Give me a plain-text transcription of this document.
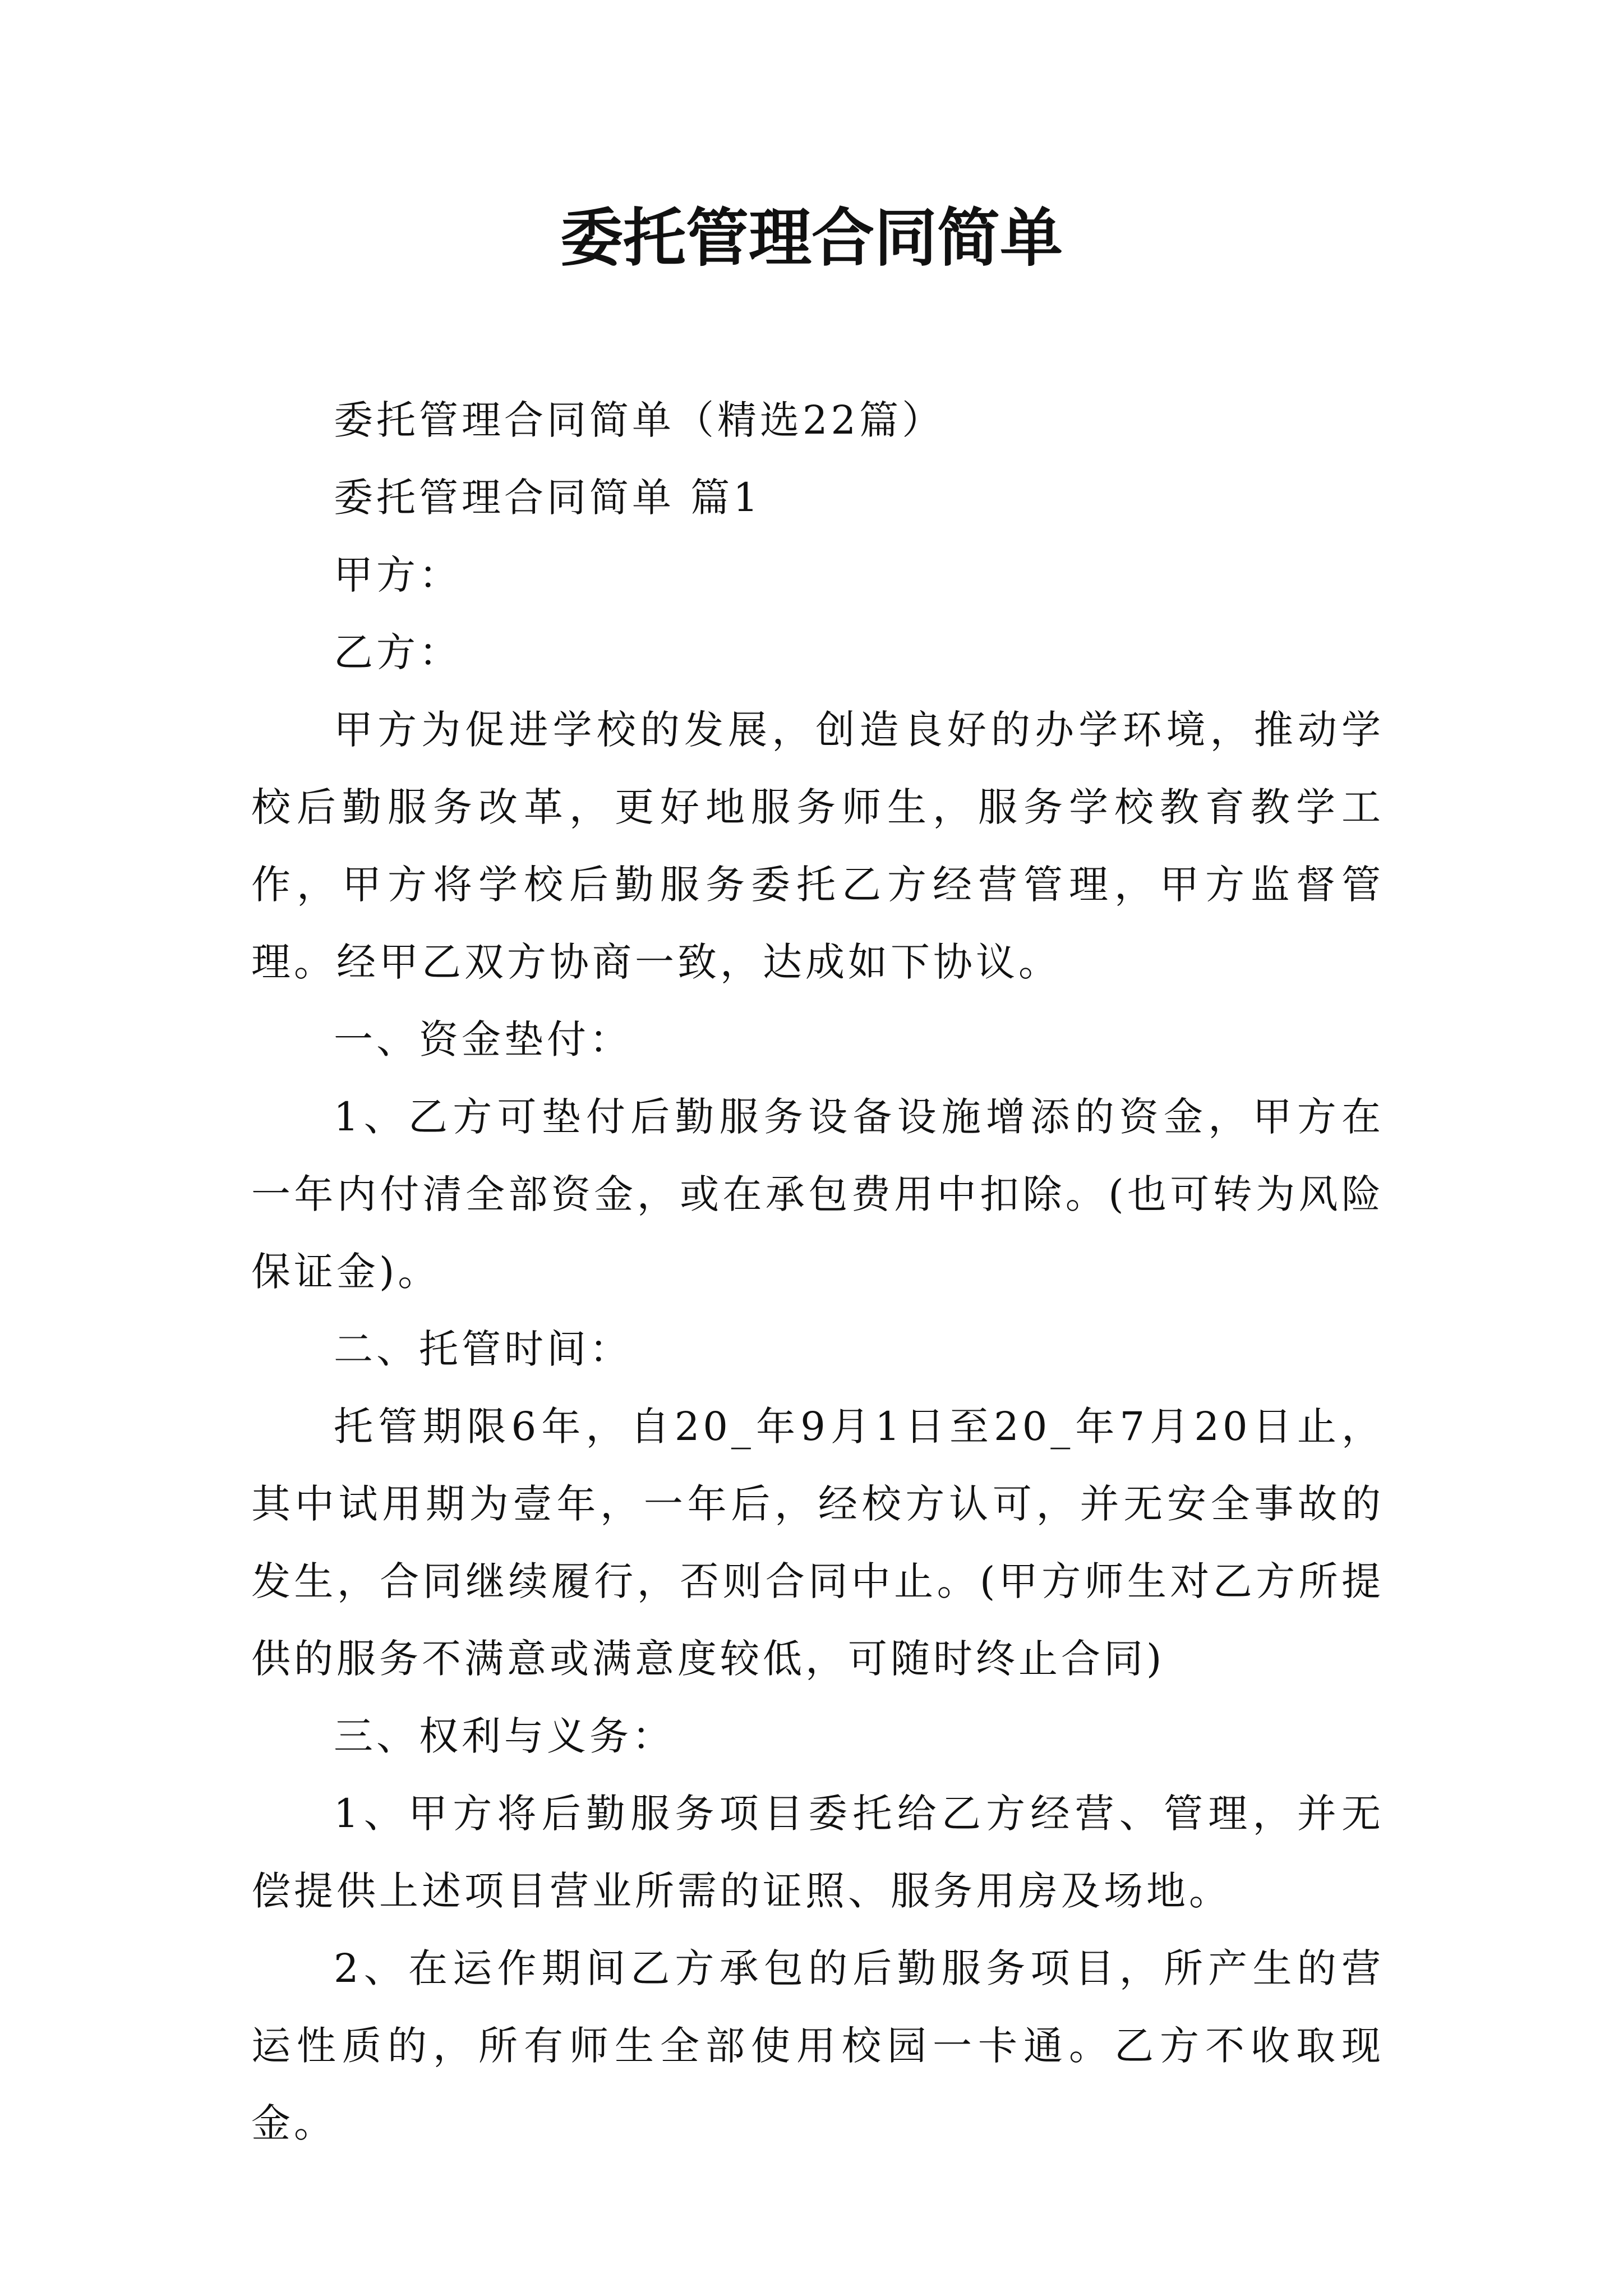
委托管理合同简单

委托管理合同简单（精选22篇）

委托管理合同简单 篇1

甲方：

乙方：

甲方为促进学校的发展，创造良好的办学环境，推动学校后勤服务改革，更好地服务师生，服务学校教育教学工作，甲方将学校后勤服务委托乙方经营管理，甲方监督管理。经甲乙双方协商一致，达成如下协议。

一、资金垫付：

1、乙方可垫付后勤服务设备设施增添的资金，甲方在一年内付清全部资金，或在承包费用中扣除。(也可转为风险保证金)。

二、托管时间：

托管期限6年，自20_年9月1日至20_年7月20日止，其中试用期为壹年，一年后，经校方认可，并无安全事故的发生，合同继续履行，否则合同中止。(甲方师生对乙方所提供的服务不满意或满意度较低，可随时终止合同)

三、权利与义务：

1、甲方将后勤服务项目委托给乙方经营、管理，并无偿提供上述项目营业所需的证照、服务用房及场地。

2、在运作期间乙方承包的后勤服务项目，所产生的营运性质的，所有师生全部使用校园一卡通。乙方不收取现金。
